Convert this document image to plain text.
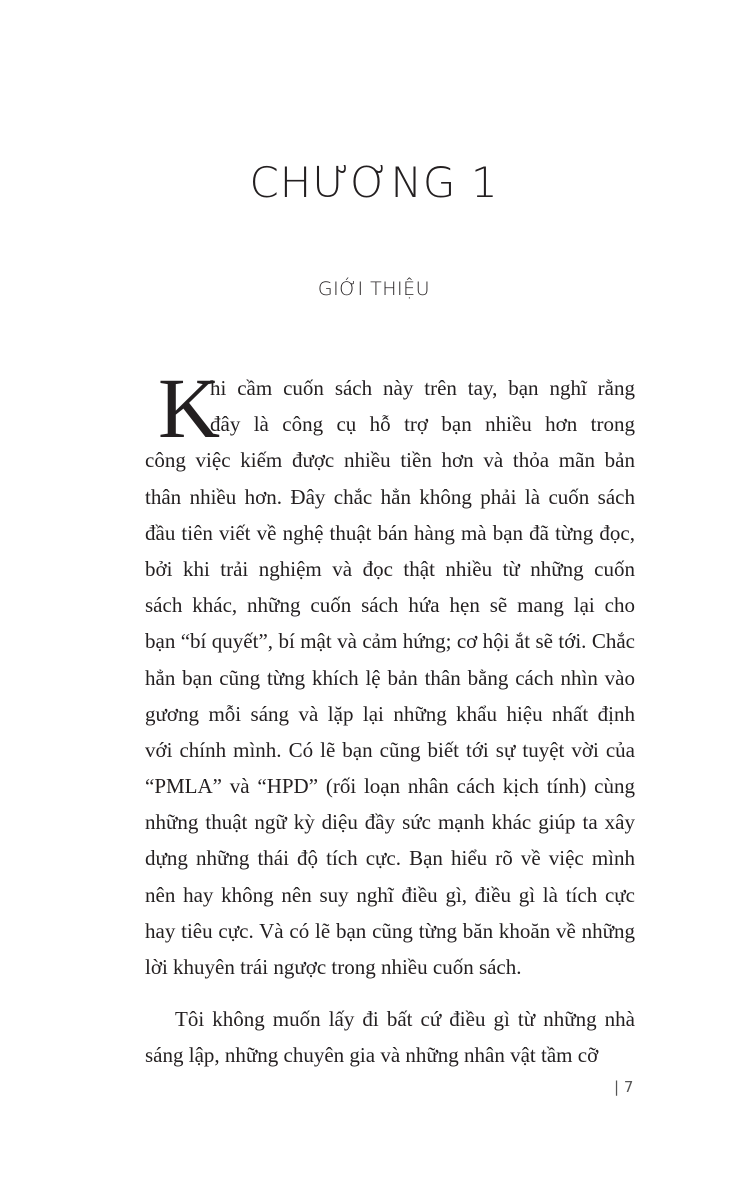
CHƯƠNG 1
GIỚI THIỆU
K
hi cầm cuốn sách này trên tay, bạn nghĩ rằng
đây là công cụ hỗ trợ bạn nhiều hơn trong
công việc kiếm được nhiều tiền hơn và thỏa mãn bản
thân nhiều hơn. Đây chắc hẳn không phải là cuốn sách
đầu tiên viết về nghệ thuật bán hàng mà bạn đã từng đọc,
bởi khi trải nghiệm và đọc thật nhiều từ những cuốn
sách khác, những cuốn sách hứa hẹn sẽ mang lại cho
bạn “bí quyết”, bí mật và cảm hứng; cơ hội ắt sẽ tới. Chắc
hẳn bạn cũng từng khích lệ bản thân bằng cách nhìn vào
gương mỗi sáng và lặp lại những khẩu hiệu nhất định
với chính mình. Có lẽ bạn cũng biết tới sự tuyệt vời của
“PMLA” và “HPD” (rối loạn nhân cách kịch tính) cùng
những thuật ngữ kỳ diệu đầy sức mạnh khác giúp ta xây
dựng những thái độ tích cực. Bạn hiểu rõ về việc mình
nên hay không nên suy nghĩ điều gì, điều gì là tích cực
hay tiêu cực. Và có lẽ bạn cũng từng băn khoăn về những
lời khuyên trái ngược trong nhiều cuốn sách.
Tôi không muốn lấy đi bất cứ điều gì từ những nhà
sáng lập, những chuyên gia và những nhân vật tầm cỡ
| 7
